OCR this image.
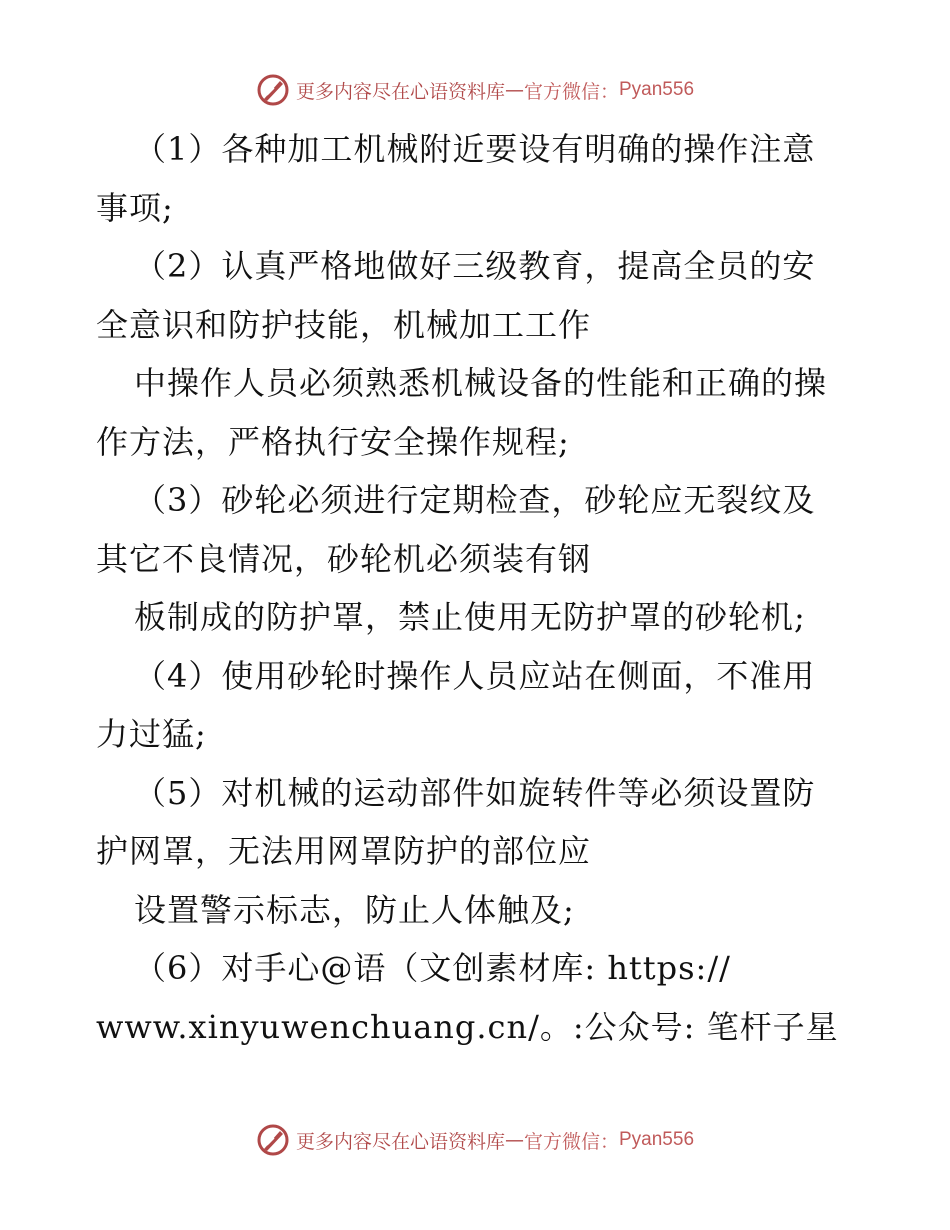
更多内容尽在心语资料库 — 官方微信： Pyan556
（1）各种加工机械附近要设有明确的操作注意
事项;
（2）认真严格地做好三级教育，提高全员的安
全意识和防护技能，机械加工工作
中操作人员必须熟悉机械设备的性能和正确的操
作方法，严格执行安全操作规程;
（3）砂轮必须进行定期检查，砂轮应无裂纹及
其它不良情况，砂轮机必须装有钢
板制成的防护罩，禁止使用无防护罩的砂轮机;
（4）使用砂轮时操作人员应站在侧面，不准用
力过猛;
（5）对机械的运动部件如旋转件等必须设置防
护网罩，无法用网罩防护的部位应
设置警示标志，防止人体触及;
（6）对手心@语（文创素材库: https://
www.xinyuwenchuang.cn/。:公众号: 笔杆子星
更多内容尽在心语资料库 — 官方微信： Pyan556
